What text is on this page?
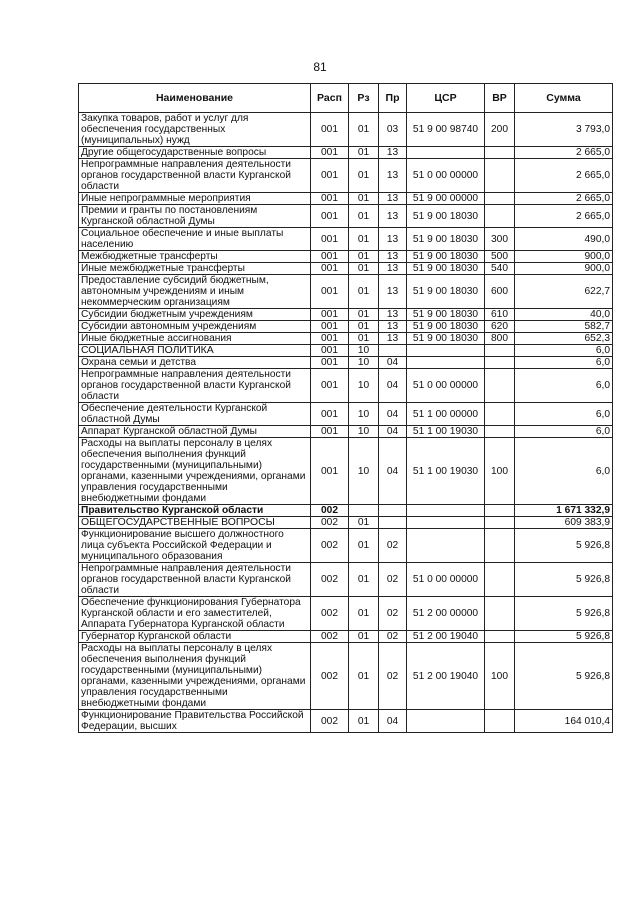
81
Наименование	Расп	Рз	Пр	ЦСР	ВР	Сумма
Закупка товаров, работ и услуг для обеспечения государственных (муниципальных) нужд	001	01	03	51 9 00 98740	200	3 793,0
Другие общегосударственные вопросы	001	01	13			2 665,0
Непрограммные направления деятельности органов государственной власти Курганской области	001	01	13	51 0 00 00000		2 665,0
Иные непрограммные мероприятия	001	01	13	51 9 00 00000		2 665,0
Премии и гранты по постановлениям Курганской областной Думы	001	01	13	51 9 00 18030		2 665,0
Социальное обеспечение и иные выплаты населению	001	01	13	51 9 00 18030	300	490,0
Межбюджетные трансферты	001	01	13	51 9 00 18030	500	900,0
Иные межбюджетные трансферты	001	01	13	51 9 00 18030	540	900,0
Предоставление субсидий бюджетным, автономным учреждениям и иным некоммерческим организациям	001	01	13	51 9 00 18030	600	622,7
Субсидии бюджетным учреждениям	001	01	13	51 9 00 18030	610	40,0
Субсидии автономным учреждениям	001	01	13	51 9 00 18030	620	582,7
Иные бюджетные ассигнования	001	01	13	51 9 00 18030	800	652,3
СОЦИАЛЬНАЯ ПОЛИТИКА	001	10				6,0
Охрана семьи и детства	001	10	04			6,0
Непрограммные направления деятельности органов государственной власти Курганской области	001	10	04	51 0 00 00000		6,0
Обеспечение деятельности Курганской областной Думы	001	10	04	51 1 00 00000		6,0
Аппарат Курганской областной Думы	001	10	04	51 1 00 19030		6,0
Расходы на выплаты персоналу в целях обеспечения выполнения функций государственными (муниципальными) органами, казенными учреждениями, органами управления государственными внебюджетными фондами	001	10	04	51 1 00 19030	100	6,0
Правительство Курганской области	002					1 671 332,9
ОБЩЕГОСУДАРСТВЕННЫЕ ВОПРОСЫ	002	01				609 383,9
Функционирование высшего должностного лица субъекта Российской Федерации и муниципального образования	002	01	02			5 926,8
Непрограммные направления деятельности органов государственной власти Курганской области	002	01	02	51 0 00 00000		5 926,8
Обеспечение функционирования Губернатора Курганской области и его заместителей, Аппарата Губернатора Курганской области	002	01	02	51 2 00 00000		5 926,8
Губернатор Курганской области	002	01	02	51 2 00 19040		5 926,8
Расходы на выплаты персоналу в целях обеспечения выполнения функций государственными (муниципальными) органами, казенными учреждениями, органами управления государственными внебюджетными фондами	002	01	02	51 2 00 19040	100	5 926,8
Функционирование Правительства Российской Федерации, высших	002	01	04			164 010,4
